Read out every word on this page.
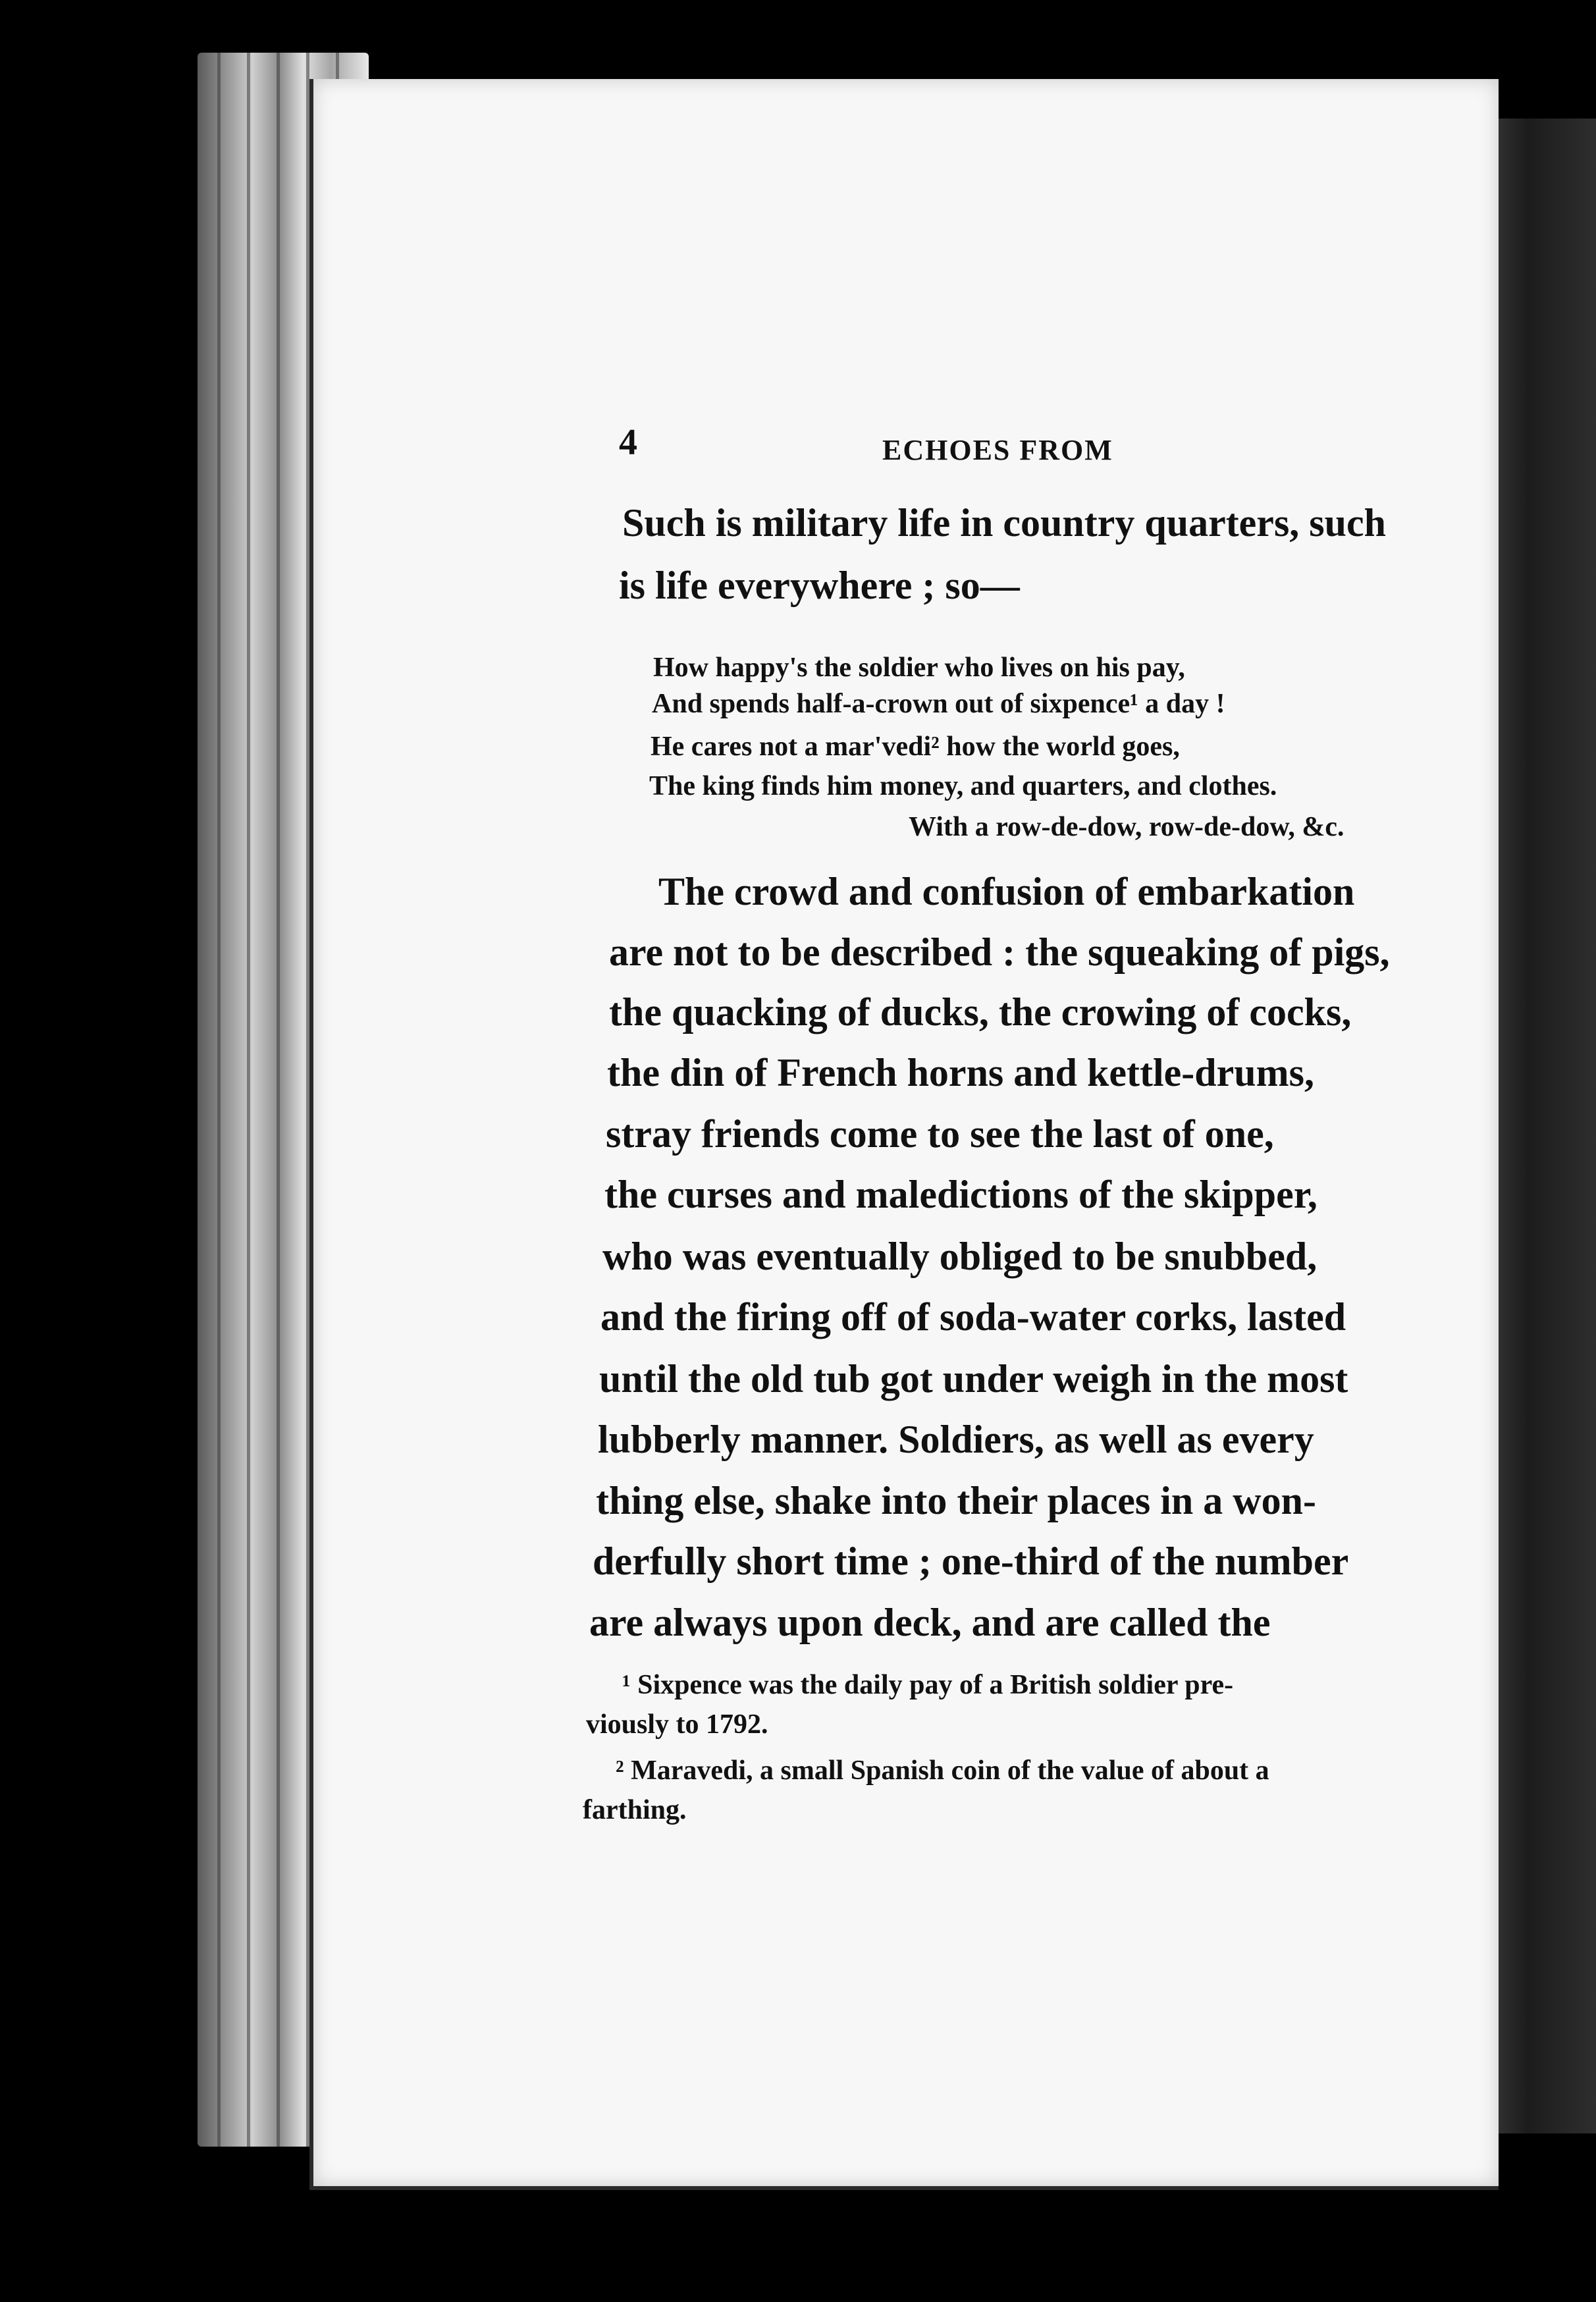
4	ECHOES FROM
Such is military life in country quarters, such
is life everywhere ; so—
How happy's the soldier who lives on his pay,
And spends half-a-crown out of sixpence¹ a day !
He cares not a mar'vedi² how the world goes,
The king finds him money, and quarters, and clothes.
With a row-de-dow, row-de-dow, &c.
The crowd and confusion of embarkation
are not to be described : the squeaking of pigs,
the quacking of ducks, the crowing of cocks,
the din of French horns and kettle-drums,
stray friends come to see the last of one,
the curses and maledictions of the skipper,
who was eventually obliged to be snubbed,
and the firing off of soda-water corks, lasted
until the old tub got under weigh in the most
lubberly manner. Soldiers, as well as every
thing else, shake into their places in a won-
derfully short time ; one-third of the number
are always upon deck, and are called the
¹ Sixpence was the daily pay of a British soldier pre-
viously to 1792.
² Maravedi, a small Spanish coin of the value of about a
farthing.
